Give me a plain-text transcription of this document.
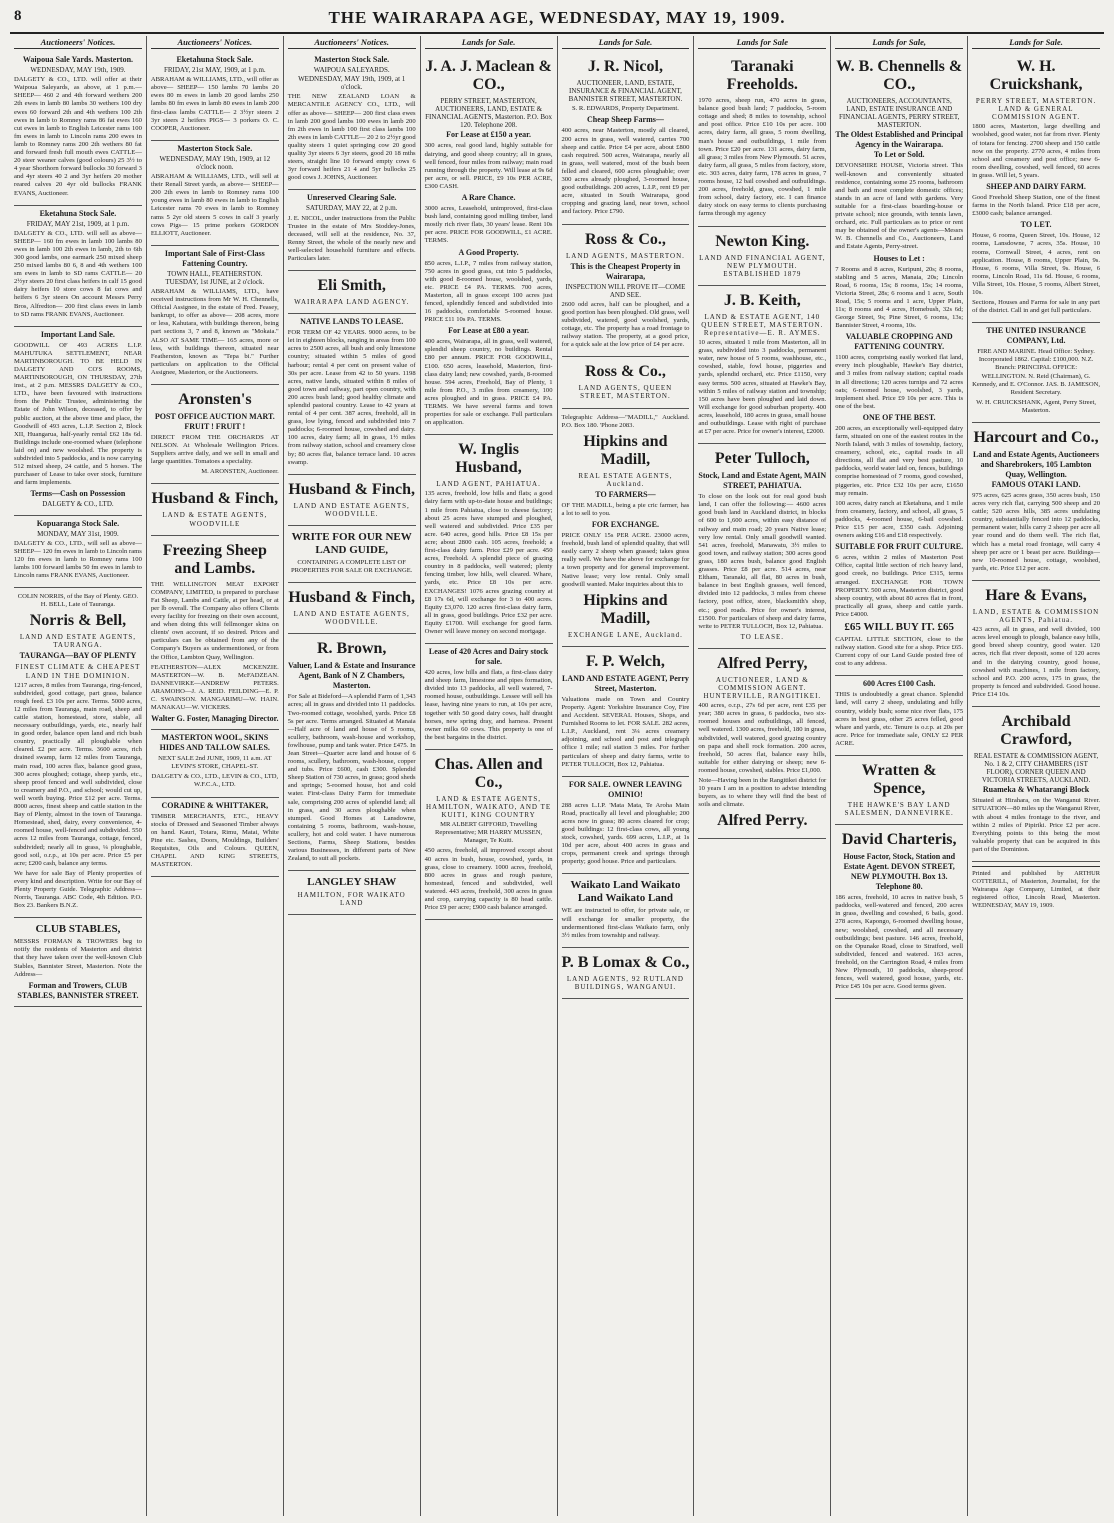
8	THE WAIRARAPA AGE, WEDNESDAY, MAY 19, 1909.
Auctioneers' Notices.
Waipoua Sale Yards. Masterton.
WEDNESDAY, MAY 19th, 1909.

DALGETY & CO., LTD. will offer at their Waipoua Saleyards, as above, at 1 p.m.— SHEEP— 460 2 and 4th forward wethers 200 2th ewes in lamb 80 lambs 30 wethers 100 dry ewes 60 forward 2th and 4th wethers 100 2th ewes in lamb to Romney rams 86 fat ewes 160 cut ewes in lamb to English Leicester rams 100 fm ewes in lamb to Lincoln rams 200 ewes in lamb to Romney rams 200 2th wethers 80 fat and forward fresh full mouth ewes CATTLE— 20 steer weaner calves (good colours) 25 3½ to 4 year Shorthorn forward bullocks 30 forward 3 and 4yr steers 40 2 and 3yr heifers 20 mother reared calves 20 4yr old bullocks FRANK EVANS, Auctioneer.

Eketahuna Stock Sale.
FRIDAY, MAY 21st, 1909, at 1 p.m.

DALGETY & CO., LTD. will sell as above— SHEEP— 160 fm ewes in lamb 100 lambs 80 ewes in lamb 100 2th ewes in lamb, 2th to 6th 300 good lambs, one earmark 250 mixed sheep 250 mixed lambs 80 6, 8 and 4th wethers 100 sm ewes in lamb to SD rams CATTLE— 20 2½yr steers 20 first class heifers in calf 15 good dairy heifers 10 store cows 8 fat cows and heifers 6 3yr steers On account Messrs Perry Bros, Alfredton— 200 first class ewes in lamb to SD rams FRANK EVANS, Auctioneer.

Important Land Sale.

GOODWILL OF 493 ACRES L.I.P. MAHUTUKA SETTLEMENT, NEAR MARTINBOROUGH. TO BE HELD IN DALGETY AND CO'S ROOMS, MARTINBOROUGH, ON THURSDAY, 27th inst., at 2 p.m. MESSRS DALGETY & CO., LTD., have been favoured with instructions from the Public Trustee, administering the Estate of John Wilson, deceased, to offer by public auction, at the above time and place, the Goodwill of 493 acres, L.I.P. Section 2, Block XII, Huangarua, half-yearly rental £62 18s 6d. Buildings include one-roomed whare (telephone laid on) and new woolshed. The property is subdivided into 5 paddocks, and is now carrying 512 mixed sheep, 24 cattle, and 5 horses. The purchaser of Lease to take over stock, furniture and farm implements.

Terms—Cash on Possession
DALGETY & CO., LTD.
Kopuaranga Stock Sale.
MONDAY, MAY 31st, 1909.

DALGETY & CO., LTD., will sell as above— SHEEP— 120 fm ewes in lamb to Lincoln rams 120 fm ewes in lamb to Romney rams 100 lambs 100 forward lambs 50 fm ewes in lamb to Lincoln rams FRANK EVANS, Auctioneer.

COLIN NORRIS, of the Bay of Plenty. GEO. H. BELL, Late of Tauranga.

Norris & Bell,
LAND AND ESTATE AGENTS, TAURANGA.
TAURANGA—BAY OF PLENTY
FINEST CLIMATE & CHEAPEST LAND IN THE DOMINION.

1217 acres, 8 miles from Tauranga, ring-fenced, subdivided, good cottage, part grass, balance rough feed. £3 10s per acre. Terms. 5000 acres, 12 miles from Tauranga, main road, sheep and cattle station, homestead, store, stable, all necessary outbuildings, yards, etc., nearly half in good order, balance open land and rich bush country, practically all ploughable when cleared. £2 per acre. Terms. 3600 acres, rich drained swamp, farm 12 miles from Tauranga, main road, 100 acres flax, balance good grass, 300 acres ploughed; cottage, sheep yards, etc., sheep proof fenced and well subdivided, close to creamery and P.O., and school; would cut up, well worth buying. Price £12 per acre. Terms. 8000 acres, finest sheep and cattle station in the Bay of Plenty, almost in the town of Tauranga. Homestead, shed, dairy, every convenience, 4-roomed house, well-fenced and subdivided. 550 acres 12 miles from Tauranga, cottage, fenced, subdivided; nearly all in grass, ¼ ploughable, good soil, o.r.p., at 10s per acre. Price £5 per acre; £200 cash, balance any terms.

We have for sale Bay of Plenty properties of every kind and description. Write for our Bay of Plenty Property Guide. Telegraphic Address—Norris, Tauranga. ABC Code, 4th Edition. P.O. Box 23. Bankers B.N.Z.

CLUB STABLES,

MESSRS FORMAN & TROWERS beg to notify the residents of Masterton and district that they have taken over the well-known Club Stables, Bannister Street, Masterton. Note the Address—

Forman and Trowers, CLUB STABLES, BANNISTER STREET.
Auctioneers' Notices.
Eketahuna Stock Sale.
FRIDAY, 21st MAY, 1909, at 1 p.m.

ABRAHAM & WILLIAMS, LTD., will offer as above— SHEEP— 150 lambs 70 lambs 20 ewes 80 m ewes in lamb 20 good lambs 250 lambs 80 fm ewes in lamb 80 ewes in lamb 200 first-class lambs CATTLE— 2 3½yr steers 2 3yr steers 2 heifers PIGS— 3 porkers O. C. COOPER, Auctioneer.

Masterton Stock Sale.
WEDNESDAY, MAY 19th, 1909, at 12 o'clock noon.

ABRAHAM & WILLIAMS, LTD., will sell at their Renall Street yards, as above— SHEEP— 200 2th ewes in lamb to Romney rams 100 young ewes in lamb 80 ewes in lamb to English Leicester rams 70 ewes in lamb to Romney rams 5 2yr old steers 5 cows in calf 3 yearly cows Pigs— 15 prime porkers GORDON ELLIOTT, Auctioneer.

Important Sale of First-Class Fattening Country.
TOWN HALL, FEATHERSTON. TUESDAY, 1st JUNE, at 2 o'clock.

ABRAHAM & WILLIAMS, LTD., have received instructions from Mr W. H. Chennells, Official Assignee, in the estate of Fred. Feasey, bankrupt, to offer as above— 208 acres, more or less, Kahutara, with buildings thereon, being part sections 3, 7 and 8, known as "Mokaia." ALSO AT SAME TIME— 165 acres, more or less, with buildings thereon, situated near Featherston, known as "Tepa bi." Further particulars on application to the Official Assignee, Masterton, or the Auctioneers.

Aronsten's
POST OFFICE AUCTION MART.
FRUIT ! FRUIT !

DIRECT FROM THE ORCHARDS AT NELSON. At Wholesale Wellington Prices. Suppliers arrive daily, and we sell in small and large quantities. Tomatoes a speciality.

M. ARONSTEN, Auctioneer.

Husband & Finch,
LAND & ESTATE AGENTS, WOODVILLE
Freezing Sheep and Lambs.

THE WELLINGTON MEAT EXPORT COMPANY, LIMITED, is prepared to purchase Fat Sheep, Lambs and Cattle, at per head, or at per lb overall. The Company also offers Clients every facility for freezing on their own account, and when doing this will fellmonger skins on clients' own account, if so desired. Prices and particulars can be obtained from any of the Company's Buyers as undermentioned, or from the Office, Lambton Quay, Wellington.

FEATHERSTON—ALEX MCKENZIE. MASTERTON—W. B. McFADZEAN. DANNEVIRKE—ANDREW PETERS. ARAMOHO—J. A. REID. FEILDING—E. P. C. SWAINSON. MANGARIMU—W. HAIN. MANAKAU—W. VICKERS.

Walter G. Foster, Managing Director.
MASTERTON WOOL, SKINS HIDES AND TALLOW SALES.

NEXT SALE 2nd JUNE, 1909, 11 a.m. AT LEVIN'S STORE, CHAPEL-ST.

DALGETY & CO., LTD., LEVIN & CO., LTD, W.F.C.A., LTD.

CORADINE & WHITTAKER,

TIMBER MERCHANTS, ETC., HEAVY stocks of Dressed and Seasoned Timber always on hand. Kauri, Totara, Rimu, Matai, White Pine etc. Sashes, Doors, Mouldings, Builders' Requisites, Oils and Colours. QUEEN, CHAPEL AND KING STREETS, MASTERTON.

Auctioneers' Notices.
Masterton Stock Sale.
WAIPOUA SALEYARDS.
WEDNESDAY, MAY 19th, 1909, at 1 o'clock.

THE NEW ZEALAND LOAN & MERCANTILE AGENCY CO., LTD., will offer as above— SHEEP— 200 first class ewes in lamb 200 good lambs 100 ewes in lamb 200 fm 2th ewes in lamb 100 first class lambs 100 2th ewes in lamb CATTLE— 20 2 to 2½yr good quality steers 1 quiet springing cow 20 good quality 3yr steers 6 3yr steers, good 20 18 mths steers, straight line 10 forward empty cows 6 3yr forward heifers 21 4 and 5yr bullocks 25 good cows J. JOHNS, Auctioneer.

Unreserved Clearing Sale.
SATURDAY, MAY 22, at 2 p.m.

J. E. NICOL, under instructions from the Public Trustee in the estate of Mrs Stoddey-Jones, deceased, will sell at the residence, No. 37, Renny Street, the whole of the nearly new and well-selected household furniture and effects. Particulars later.

Eli Smith,
WAIRARAPA LAND AGENCY.
NATIVE LANDS TO LEASE.

FOR TERM OF 42 YEARS. 9000 acres, to be let in eighteen blocks, ranging in areas from 100 acres to 2500 acres, all bush and only limestone country; situated within 5 miles of good harbour; rental 4 per cent on present value of 30s per acre. Lease from 42 to 50 years. 1198 acres, native lands, situated within 8 miles of good town and railway, part open country, with 200 acres bush land; good healthy climate and splendid pastoral country. Lease to 42 years at rental of 4 per cent. 387 acres, freehold, all in grass, low lying, fenced and subdivided into 7 paddocks; 6-roomed house, cowshed and dairy. 100 acres, dairy farm; all in grass, 1½ miles from railway station, school and creamery close by; 80 acres flat, balance terrace land. 10 acres swamp.

Husband & Finch,
LAND AND ESTATE AGENTS, WOODVILLE.
WRITE FOR OUR NEW LAND GUIDE,

CONTAINING A COMPLETE LIST OF PROPERTIES FOR SALE OR EXCHANGE.

Husband & Finch,
LAND AND ESTATE AGENTS, WOODVILLE.
R. Brown,
Valuer, Land & Estate and Insurance Agent, Bank of N Z Chambers, Masterton.

For Sale at Bideford—A splendid Farm of 1,343 acres; all in grass and divided into 11 paddocks. Two-roomed cottage, woolshed, yards. Price £8 5s per acre. Terms arranged. Situated at Manaia—Half acre of land and house of 5 rooms, scullery, bathroom, wash-house and workshop, fowlhouse, pump and tank water. Price £475. In Jean Street—Quarter acre land and house of 6 rooms, scullery, bathroom, wash-house, copper and tubs. Price £600, cash £300. Splendid Sheep Station of 730 acres, in grass; good sheds and springs; 5-roomed house, hot and cold water. First-class Dairy Farm for immediate sale, comprising 200 acres of splendid land; all in grass, and 30 acres ploughable when stumped. Good Homes at Lansdowne, containing 5 rooms, bathroom, wash-house, scullery, hot and cold water. I have numerous Sections, Farms, Sheep Stations, besides various Businesses, in different parts of New Zealand, to suit all pockets.

LANGLEY SHAW
HAMILTON, FOR WAIKATO LAND
Lands for Sale.
J. A. J. Maclean & CO.,
PERRY STREET, MASTERTON, AUCTIONEERS, LAND, ESTATE & FINANCIAL AGENTS, Masterton. P.O. Box 120. Telephone 208.
For Lease at £150 a year.

300 acres, real good land, highly suitable for dairying, and good sheep country; all in grass, well fenced, four miles from railway; main road running through the property. Will lease at 9s 6d per acre, or sell. PRICE, £9 10s PER ACRE, £300 CASH.

A Rare Chance.

3000 acres, Leasehold, unimproved, first-class bush land, containing good milling timber, land mostly rich river flats, 30 years' lease. Rent 10s per acre. PRICE FOR GOODWILL, £1 ACRE. TERMS.

A Good Property.

850 acres, L.I.P., 7 miles from railway station, 750 acres in good grass, cut into 5 paddocks, with good 8-roomed house, woolshed, yards, etc. PRICE £4 PA. TERMS. 700 acres, Masterton, all in grass except 100 acres just fenced, splendidly fenced and subdivided into 16 paddocks, comfortable 5-roomed house. PRICE £11 10s PA. TERMS.

For Lease at £80 a year.

400 acres, Wairarapa, all in grass, well watered, splendid sheep country, no buildings. Rental £80 per annum. PRICE FOR GOODWILL, £100. 650 acres, leasehold, Masterton, first-class dairy land; new cowshed, yards, 8-roomed house. 594 acres, Freehold, Bay of Plenty, 1 mile from P.O., 3 miles from creamery, 100 acres ploughed and in grass. PRICE £4 PA. TERMS. We have several farms and town properties for sale or exchange. Full particulars on application.

W. Inglis Husband,
LAND AGENT, PAHIATUA.

135 acres, freehold, low hills and flats; a good dairy farm with up-to-date house and buildings; 1 mile from Pahiatua, close to cheese factory; about 25 acres have stumped and ploughed, well watered and subdivided. Price £35 per acre. 640 acres, good hills. Price £8 15s per acre; about 2800 cash. 105 acres, freehold; a first-class dairy farm. Price £29 per acre. 450 acres, Freehold. A splendid piece of grazing country in 8 paddocks, well watered; plenty fencing timber, low hills, well cleared. Whare, yards, etc. Price £8 10s per acre. EXCHANGES! 1076 acres grazing country at £8 17s 6d, will exchange for 3 to 400 acres. Equity £3,070. 120 acres first-class dairy farm, all in grass, good buildings. Price £32 per acre. Equity £1700. Will exchange for good farm. Owner will leave money on second mortgage.

Lease of 420 Acres and Dairy stock for sale.

420 acres, low hills and flats, a first-class dairy and sheep farm, limestone and pipes formation, divided into 13 paddocks, all well watered, 7-roomed house, outbuildings. Lessee will sell his lease, having nine years to run, at 10s per acre, together with 50 good dairy cows, half draught horses, new spring dray, and harness. Present owner milks 60 cows. This property is one of the best bargains in the district.

Chas. Allen and Co.,
LAND & ESTATE AGENTS, HAMILTON, WAIKATO, AND TE KUITI, KING COUNTRY

MR ALBERT GIFFORD, Travelling Representative; MR HARRY MUSSEN, Manager, Te Kuiti.

450 acres, freehold, all improved except about 40 acres in bush, house, cowshed, yards, in grass, close to creamery. 1000 acres, freehold, 800 acres in grass and rough pasture, homestead, fenced and subdivided, well watered. 443 acres, freehold, 300 acres in grass and crop, carrying capacity is 80 head cattle. Price £9 per acre; £900 cash balance arranged.

Lands for Sale.
J. R. Nicol,
AUCTIONEER, LAND, ESTATE, INSURANCE & FINANCIAL AGENT, BANNISTER STREET, MASTERTON.

S. R. EDWARDS, Property Department.

Cheap Sheep Farms—

400 acres, near Masterton, mostly all cleared, 200 acres in grass, well watered, carries 700 sheep and cattle. Price £4 per acre, about £800 cash required. 500 acres, Wairarapa, nearly all in grass, well watered, most of the bush been felled and cleared, 600 acres ploughable; over 300 acres already ploughed, 3-roomed house, good outbuildings. 200 acres, L.I.P., rent £9 per acre, situated in South Wairarapa, good cropping and grazing land, near town, school and factory. Price £790.

Ross & Co.,
LAND AGENTS, MASTERTON.
This is the Cheapest Property in Wairarapa,
INSPECTION WILL PROVE IT—COME AND SEE.

2600 odd acres, half can be ploughed, and a good portion has been ploughed. Old grass, well subdivided, watered, good woolshed, yards, cottage, etc. The property has a road frontage to railway station. The property, at a good price, for a quick sale at the low price of £4 per acre.

Ross & Co.,
LAND AGENTS, QUEEN STREET, MASTERTON.

Telegraphic Address—"MADILL," Auckland. P.O. Box 180. 'Phone 2083.

Hipkins and Madill,
REAL ESTATE AGENTS, Auckland.
TO FARMERS—

OF THE MADILL, being a pie cric farmer, has a lot to sell to you.

FOR EXCHANGE.

PRICE ONLY 15s PER ACRE. 23000 acres, freehold, bush land of splendid quality, that will easily carry 2 sheep when grassed; takes grass really well. We have the above for exchange for a town property and for general improvement. Native lease; very low rental. Only small goodwill wanted. Make inquiries about this to

Hipkins and Madill,
EXCHANGE LANE, Auckland.
F. P. Welch,
LAND AND ESTATE AGENT, Perry Street, Masterton.

Valuations made on Town and Country Property. Agent: Yorkshire Insurance Coy, Fire and Accident. SEVERAL Houses, Shops, and Furnished Rooms to let. FOR SALE. 282 acres, L.I.P., Auckland, rent 3¼ acres creamery adjoining, and school and post and telegraph office 1 mile; rail station 3 miles. For further particulars of sheep and dairy farms, write to PETER TULLOCH, Box 12, Pahiatua.

FOR SALE. OWNER LEAVING OMINIO!

288 acres L.I.P. 'Mata Mata, Te Aroha Main Road, practically all level and ploughable; 200 acres now in grass; 80 acres cleared for crop; good buildings: 12 first-class cows, all young stock, cowshed, yards. 699 acres, L.I.P., at 1s 10d per acre, about 400 acres in grass and crops, permanent creek and springs through property; good house. Price and particulars.

Waikato Land Waikato Land Waikato Land

WE are instructed to offer, for private sale, or will exchange for smaller property, the undermentioned first-class Waikato farm, only 3½ miles from township and railway.

P. B Lomax & Co.,
LAND AGENTS, 92 RUTLAND BUILDINGS, WANGANUI.
Lands for Sale
Taranaki Freeholds.

1970 acres, sheep run, 470 acres in grass, balance good bush land; 7 paddocks, 5-room cottage and shed; 8 miles to township, school and post office. Price £10 10s per acre. 100 acres, dairy farm, all grass, 5 room dwelling, man's house and outbuildings, 1 mile from town. Price £20 per acre. 131 acres, dairy farm, all grass; 3 miles from New Plymouth. 51 acres, dairy farm, all grass, 5 miles from factory, store, etc. 303 acres, dairy farm, 178 acres in grass, 7 rooms house, 12 bail cowshed and outbuildings. 200 acres, freehold, grass, cowshed, 1 mile from school, dairy factory, etc. I can finance dairy stock on easy terms to clients purchasing farms through my agency

Newton King.
LAND AND FINANCIAL AGENT, NEW PLYMOUTH. ESTABLISHED 1879
J. B. Keith,
LAND & ESTATE AGENT, 140 QUEEN STREET, MASTERTON. Representative—E. R. AYMES.

10 acres, situated 1 mile from Masterton, all in grass, subdivided into 3 paddocks, permanent water, new house of 5 rooms, washhouse, etc., cowshed, stable, fowl house, piggeries and yards, splendid orchard, etc. Price £1150, very easy terms. 500 acres, situated at Hawke's Bay, within 5 miles of railway station and township; 150 acres have been ploughed and laid down. Will exchange for good suburban property. 400 acres, leasehold, 180 acres in grass, small house and outbuildings. Lease with right of purchase at £7 per acre. Price for owner's interest, £2000.

Peter Tulloch,
Stock, Land and Estate Agent, MAIN STREET, PAHIATUA.

To close on the look out for real good bush land, I can offer the following:— 4600 acres good bush land in Auckland district, in blocks of 600 to 1,600 acres, within easy distance of railway and main road; 20 years Native lease; very low rental. Only small goodwill wanted. 541 acres, freehold, Manawatu, 3½ miles to good town, and railway station; 300 acres good grass, 180 acres bush, balance good English grasses. Price £8 per acre. 514 acres, near Eltham, Taranaki, all flat, 80 acres in bush, balance in best English grasses, well fenced, divided into 12 paddocks, 3 miles from cheese factory, post office, store, blacksmith's shop, etc.; good roads. Price for owner's interest, £1500. For particulars of sheep and dairy farms, write to PETER TULLOCH, Box 12, Pahiatua.

TO LEASE.
Alfred Perry,
AUCTIONEER, LAND & COMMISSION AGENT. HUNTERVILLE, RANGITIKEI.

400 acres, o.r.p., 27s 6d per acre, rent £35 per year; 380 acres in grass, 6 paddocks, two six-roomed houses and outbuildings, all fenced, well watered. 1300 acres, freehold, 180 in grass, subdivided, well watered, good grazing country on papa and shell rock formation. 200 acres, freehold, 50 acres flat, balance easy hills, suitable for either dairying or sheep; new 6-roomed house, cowshed, stables. Price £1,000.

Note—Having been in the Rangitikei district for 10 years I am in a position to advise intending buyers, as to where they will find the best of soils and climate.

Alfred Perry.
Lands for Sale,
W. B. Chennells & CO.,
AUCTIONEERS, ACCOUNTANTS, LAND, ESTATE INSURANCE AND FINANCIAL AGENTS, PERRY STREET, MASTERTON.
The Oldest Established and Principal Agency in the Wairarapa.
To Let or Sold.

DEVONSHIRE HOUSE, Victoria street. This well-known and conveniently situated residence, containing some 25 rooms, bathroom and bath and most complete domestic offices; stands in an acre of land with gardens. Very suitable for a first-class boarding-house or private school; nice grounds, with tennis lawn, orchard, etc. Full particulars as to price or rent may be obtained of the owner's agents—Messrs W. B. Chennells and Co., Auctioneers, Land and Estate Agents, Perry-street.

Houses to Let :

7 Rooms and 8 acres, Kuripuni, 20s; 8 rooms, stabling and 5 acres, Manaia, 20s; Lincoln Road, 6 rooms, 15s; 8 rooms, 15s; 14 rooms, Victoria Street, 28s; 6 rooms and 1 acre, South Road, 15s; 5 rooms and 1 acre, Upper Plain, 11s; 8 rooms and 4 acres, Homebush, 32s 6d; George Street, 9s; Pine Street, 6 rooms, 13s; Bannister Street, 4 rooms, 10s.

VALUABLE CROPPING AND FATTENING COUNTRY.

1100 acres, comprising easily worked flat land, every inch ploughable, Hawke's Bay district, and 3 miles from railway station; capital roads in all directions; 120 acres turnips and 72 acres oats; 6-roomed house, woolshed, 3 yards, implement shed. Price £9 10s per acre. This is one of the best.

ONE OF THE BEST.

200 acres, an exceptionally well-equipped dairy farm, situated on one of the easiest routes in the North Island, with 3 miles of township, factory, creamery, school, etc., capital roads in all directions, all flat and very best pasture, 10 paddocks, world water laid on, fences, buildings comprise homestead of 7 rooms, good cowshed, piggeries, etc. Price £32 10s per acre, £1650 may remain.

100 acres, dairy ranch at Eketahuna, and 1 mile from creamery, factory, and school, all grass, 5 paddocks, 4-roomed house, 6-bail cowshed. Price £15 per acre, £350 cash. Adjoining owners asking £16 and £18 respectively.

SUITABLE FOR FRUIT CULTURE.

6 acres, within 2 miles of Masterton Post Office, capital little section of rich heavy land, good creek, no buildings. Price £315, terms arranged. EXCHANGE FOR TOWN PROPERTY. 500 acres, Masterton district, good sheep country, with about 80 acres flat in front, practically all grass, sheep and cattle yards. Price £4000.

£65 WILL BUY IT. £65

CAPITAL LITTLE SECTION, close to the railway station. Good site for a shop. Price £65. Current copy of our Land Guide posted free of cost to any address.

600 Acres £100 Cash.

THIS is undoubtedly a great chance. Splendid land, will carry 2 sheep, undulating and hilly country, widely bush; some nice river flats, 175 acres in best grass, other 25 acres felled, good whare and yards, etc. Tenure is o.r.p. at 20s per acre. Price for immediate sale, ONLY £2 PER ACRE.

Wratten & Spence,
THE HAWKE'S BAY LAND SALESMEN, DANNEVIRKE.
David Charteris,
House Factor, Stock, Station and Estate Agent. DEVON STREET, NEW PLYMOUTH. Box 13. Telephone 80.

186 acres, freehold, 10 acres in native bush, 5 paddocks, well-watered and fenced, 200 acres in grass, dwelling and cowshed, 6 bails, good. 278 acres, Kapongo, 6-roomed dwelling house, new; woolshed, cowshed, and all necessary outbuildings; best pasture. 146 acres, freehold, on the Opunake Road, close to Stratford, well subdivided, fenced and watered. 163 acres, freehold, on the Carrington Road, 4 miles from New Plymouth, 10 paddocks, sheep-proof fences, well watered, good house, yards, etc. Price £45 10s per acre. Good terms given.

Lands for Sale.
W. H. Cruickshank,
PERRY STREET, MASTERTON. LAND & GENERAL COMMISSION AGENT.

1800 acres, Masterton, large dwelling and woolshed, good water, not far from river. Plenty of totara for fencing. 2700 sheep and 150 cattle now on the property. 2770 acres, 4 miles from school and creamery and post office; new 6-room dwelling, cowshed, well fenced, 60 acres in grass. Will let, 5 years.

SHEEP AND DAIRY FARM.

Good Freehold Sheep Station, one of the finest farms in the North Island. Price £18 per acre, £3000 cash; balance arranged.

TO LET.

House, 6 rooms, Queen Street, 10s. House, 12 rooms, Lansdowne, 7 acres, 35s. House, 10 rooms, Cornwall Street, 4 acres, rent on application. House, 8 rooms, Upper Plain, 9s. House, 6 rooms, Villa Street, 9s. House, 6 rooms, Lincoln Road, 11s 6d. House, 6 rooms, Villa Street, 10s. House, 5 rooms, Albert Street, 10s.

Sections, Houses and Farms for sale in any part of the district. Call in and get full particulars.

THE UNITED INSURANCE COMPANY, Ltd.

FIRE AND MARINE. Head Office: Sydney. Incorporated 1862. Capital: £100,000. N.Z. Branch: PRINCIPAL OFFICE: WELLINGTON. N. Reid (Chairman), G. Kennedy, and E. O'Connor. JAS. B. JAMESON, Resident Secretary.

W. H. CRUICKSHANK, Agent, Perry Street, Masterton.

Harcourt and Co.,
Land and Estate Agents, Auctioneers and Sharebrokers, 105 Lambton Quay, Wellington.
FAMOUS OTAKI LAND.

975 acres, 625 acres grass, 350 acres bush, 150 acres very rich flat, carrying 500 sheep and 20 cattle; 520 acres hills, 385 acres undulating country, substantially fenced into 12 paddocks, permanent water, hills carry 2 sheep per acre all year round and do them well. The rich flat, which has a metal road frontage, will carry 4 sheep per acre or 1 beast per acre. Buildings—new 10-roomed house, cottage, woolshed, yards, etc. Price £12 per acre.

Hare & Evans,
LAND, ESTATE & COMMISSION AGENTS, Pahiatua.

423 acres, all in grass, and well divided, 100 acres level enough to plough, balance easy hills, good breed sheep country, good water. 120 acres, rich flat river deposit, some of 120 acres and in the dairying country, good house, cowshed with machines, 1 mile from factory, school and P.O. 200 acres, 175 in grass, the property is fenced and subdivided. Good house. Price £14 10s.

Archibald Crawford,
REAL ESTATE & COMMISSION AGENT, No. 1 & 2, CITY CHAMBERS (1ST FLOOR), CORNER QUEEN AND VICTORIA STREETS, AUCKLAND.
Ruameka & Whatarangi Block

Situated at Hirahara, on the Wanganui River. SITUATION—80 miles up the Wanganui River, with about 4 miles frontage to the river, and within 2 miles of Pipiriki. Price £2 per acre. Everything points to this being the most valuable property that can be acquired in this part of the Dominion.

Printed and published by ARTHUR COTTERILL, of Masterton, Journalist, for the Wairarapa Age Company, Limited, at their registered office, Lincoln Road, Masterton. WEDNESDAY, MAY 19, 1909.
